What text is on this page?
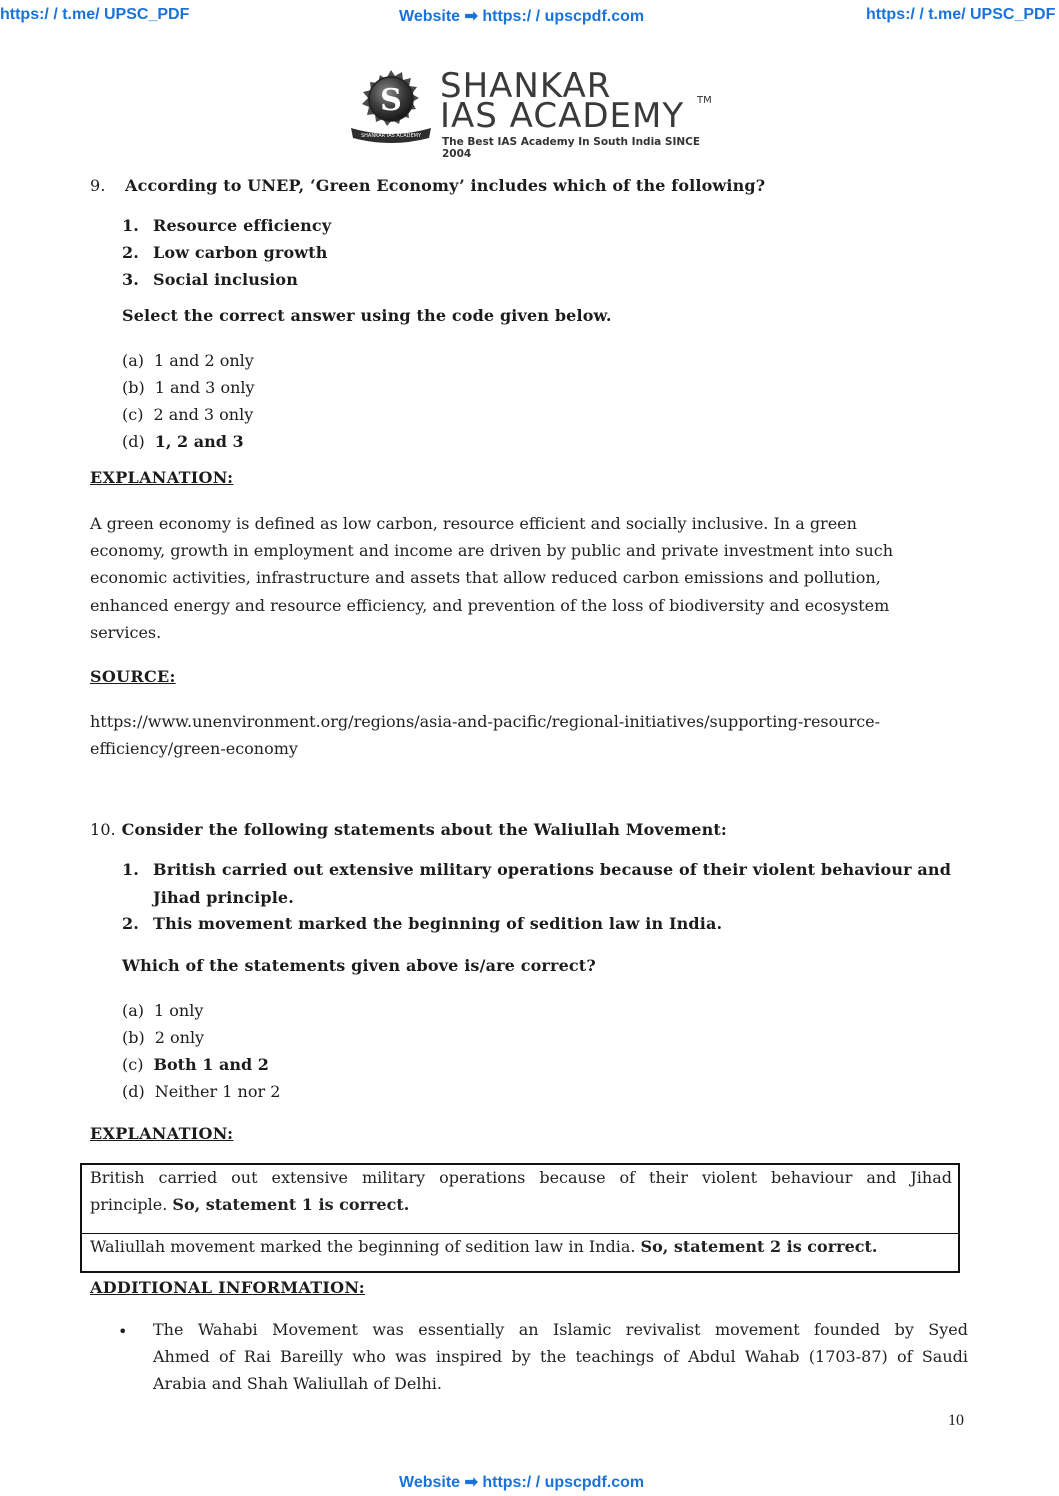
https:/ / t.me/ UPSC_PDF	Website ➡ https:/ / upscpdf.com	https:/ / t.me/ UPSC_PDF
S
SHANKAR IAS ACADEMY
SHANKAR
IAS ACADEMY TM
The Best IAS Academy In South India SINCE 2004
9. According to UNEP, ‘Green Economy’ includes which of the following?
1. Resource efficiency
2. Low carbon growth
3. Social inclusion
Select the correct answer using the code given below.
(a) 1 and 2 only
(b) 1 and 3 only
(c) 2 and 3 only
(d) 1, 2 and 3
EXPLANATION:
A green economy is defined as low carbon, resource efficient and socially inclusive. In a green
economy, growth in employment and income are driven by public and private investment into such
economic activities, infrastructure and assets that allow reduced carbon emissions and pollution,
enhanced energy and resource efficiency, and prevention of the loss of biodiversity and ecosystem
services.
SOURCE:
https://www.unenvironment.org/regions/asia-and-pacific/regional-initiatives/supporting-resource-
efficiency/green-economy
10. Consider the following statements about the Waliullah Movement:
1. British carried out extensive military operations because of their violent behaviour and
Jihad principle.
2. This movement marked the beginning of sedition law in India.
Which of the statements given above is/are correct?
(a) 1 only
(b) 2 only
(c) Both 1 and 2
(d) Neither 1 nor 2
EXPLANATION:
British carried out extensive military operations because of their violent behaviour and Jihad
principle. So, statement 1 is correct.
Waliullah movement marked the beginning of sedition law in India. So, statement 2 is correct.
ADDITIONAL INFORMATION:
• The Wahabi Movement was essentially an Islamic revivalist movement founded by Syed
Ahmed of Rai Bareilly who was inspired by the teachings of Abdul Wahab (1703-87) of Saudi
Arabia and Shah Waliullah of Delhi.
10
Website ➡ https:/ / upscpdf.com
